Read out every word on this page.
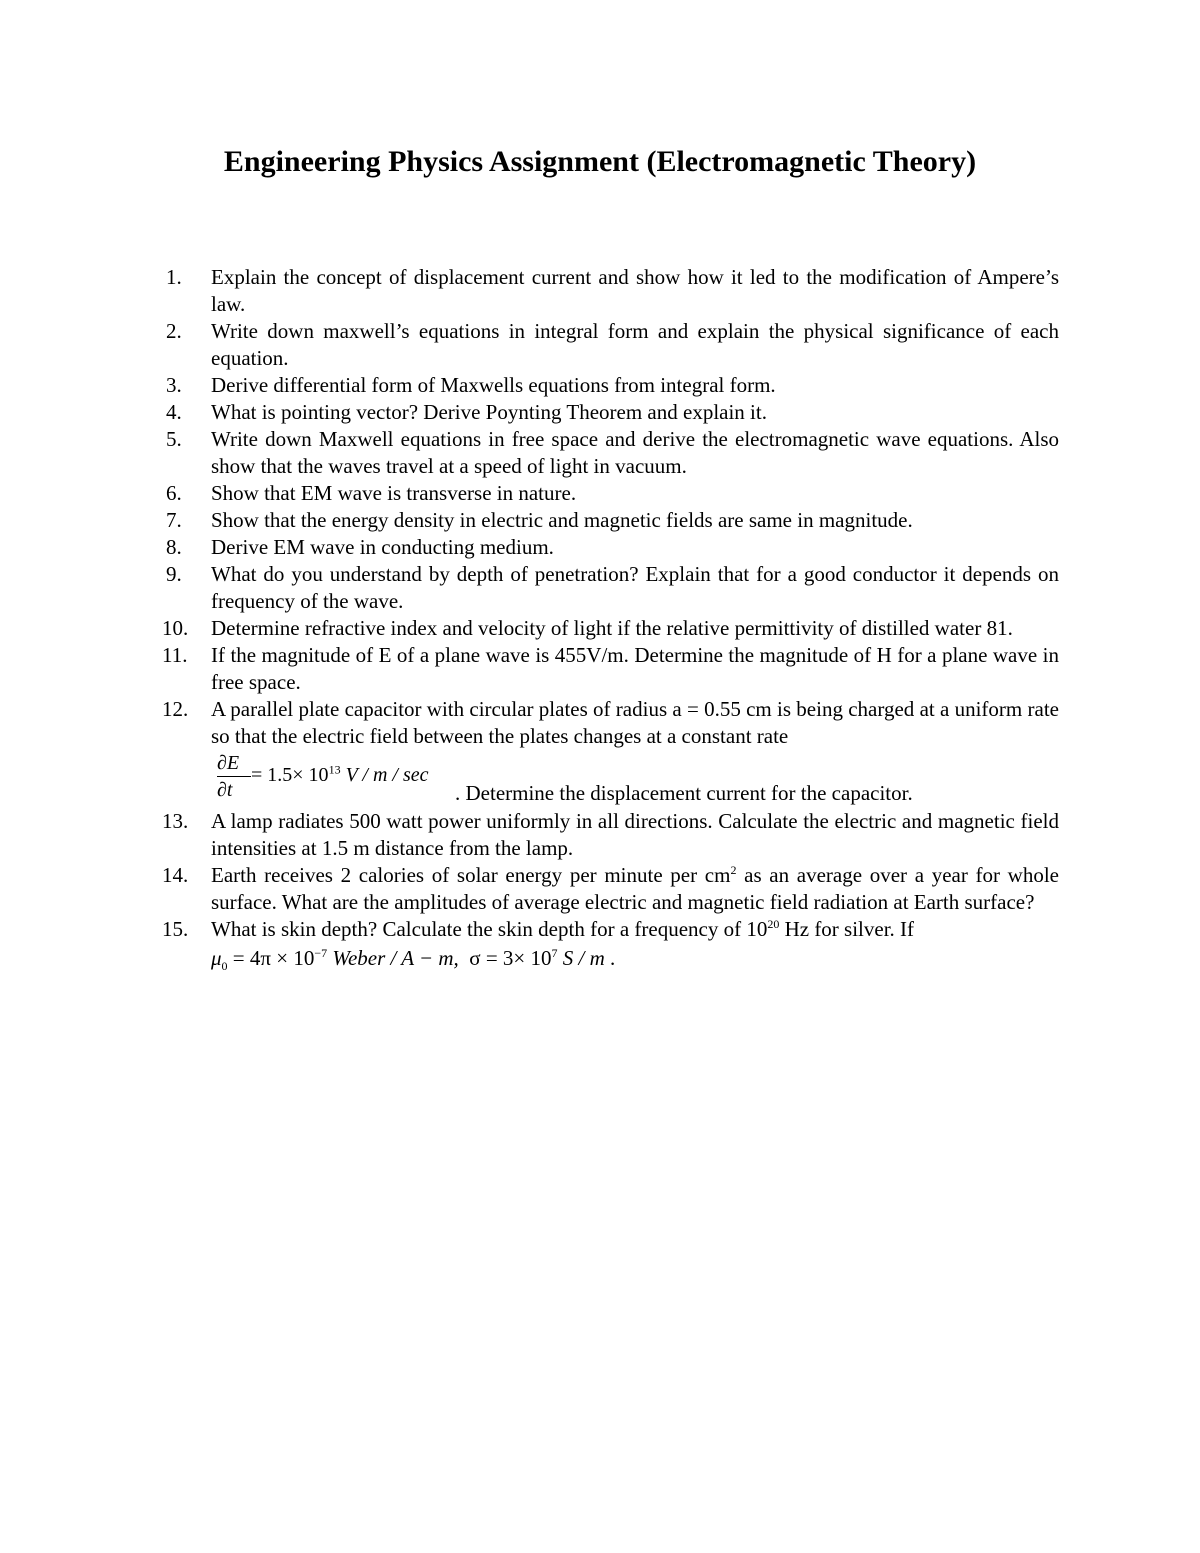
Engineering Physics Assignment (Electromagnetic Theory)
1. Explain the concept of displacement current and show how it led to the modification of Ampere’s law.
2. Write down maxwell’s equations in integral form and explain the physical significance of each equation.
3. Derive differential form of Maxwells equations from integral form.
4. What is pointing vector? Derive Poynting Theorem and explain it.
5. Write down Maxwell equations in free space and derive the electromagnetic wave equations. Also show that the waves travel at a speed of light in vacuum.
6. Show that EM wave is transverse in nature.
7. Show that the energy density in electric and magnetic fields are same in magnitude.
8. Derive EM wave in conducting medium.
9. What do you understand by depth of penetration? Explain that for a good conductor it depends on frequency of the wave.
10. Determine refractive index and velocity of light if the relative permittivity of distilled water 81.
11. If the magnitude of E of a plane wave is 455V/m. Determine the magnitude of H for a plane wave in free space.
12. A parallel plate capacitor with circular plates of radius a = 0.55 cm is being charged at a uniform rate so that the electric field between the plates changes at a constant rate
$\frac{\partial E}{\partial t} = 1.5\times 10^{13}$ V / m / sec
. Determine the displacement current for the capacitor.
13. A lamp radiates 500 watt power uniformly in all directions. Calculate the electric and magnetic field intensities at 1.5 m distance from the lamp.
14. Earth receives 2 calories of solar energy per minute per $cm^2$ as an average over a year for whole surface. What are the amplitudes of average electric and magnetic field radiation at Earth surface?
15. What is skin depth? Calculate the skin depth for a frequency of $10^{20}$ Hz for silver. If
$\mu_0 = 4\pi \times 10^{-7}$ Weber / A − m, $\sigma = 3\times 10^7$ S / m .
